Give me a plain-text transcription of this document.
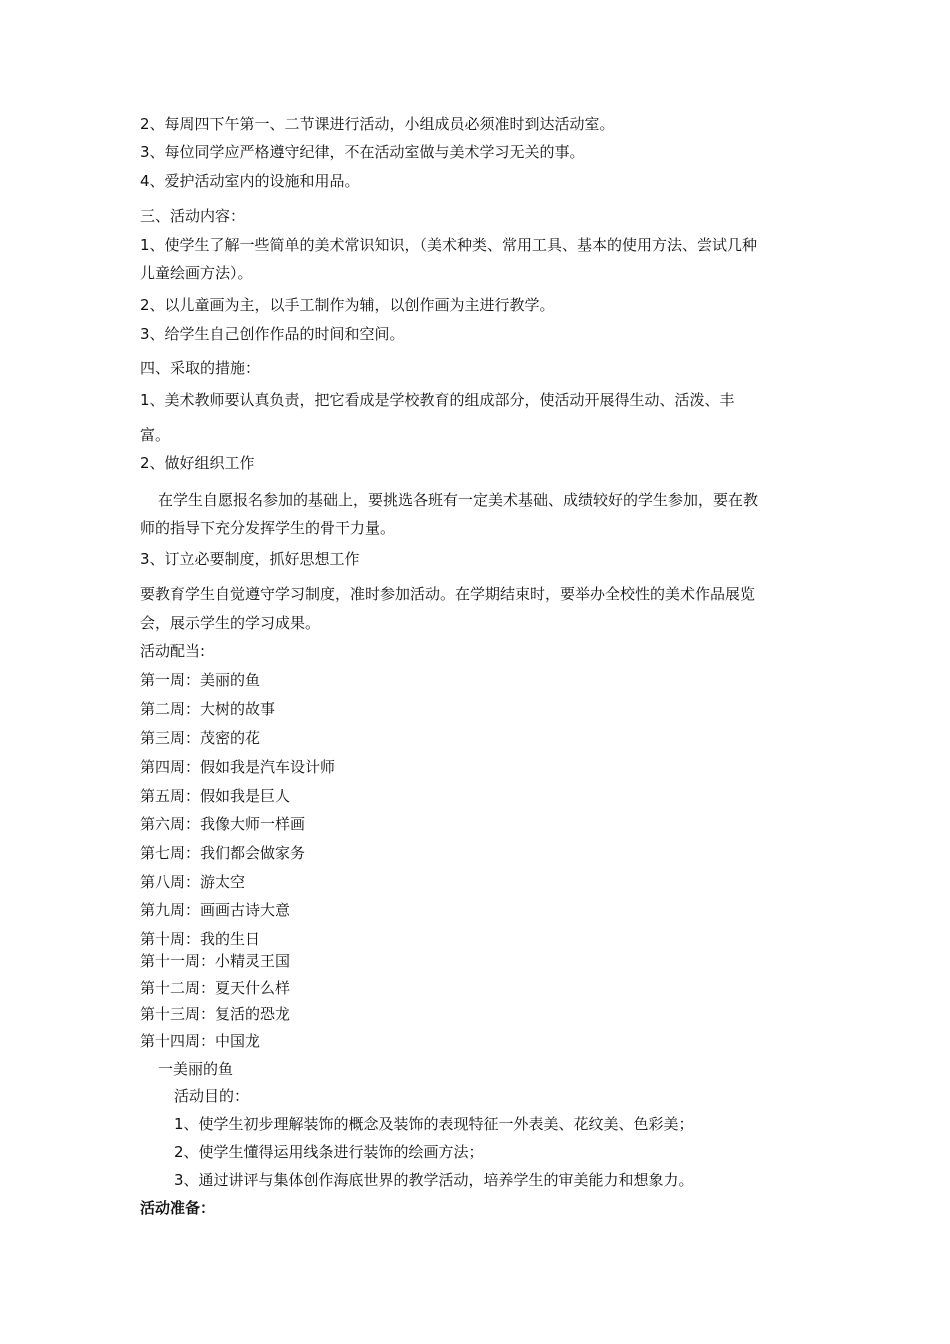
2、每周四下午第一、二节课进行活动，小组成员必须准时到达活动室。
3、每位同学应严格遵守纪律，不在活动室做与美术学习无关的事。
4、爱护活动室内的设施和用品。
三、活动内容：
1、使学生了解一些简单的美术常识知识，（美术种类、常用工具、基本的使用方法、尝试几种
儿童绘画方法）。
2、以儿童画为主，以手工制作为辅，以创作画为主进行教学。
3、给学生自己创作作品的时间和空间。
四、采取的措施：
1、美术教师要认真负责，把它看成是学校教育的组成部分，使活动开展得生动、活泼、丰
富。
2、做好组织工作
在学生自愿报名参加的基础上，要挑选各班有一定美术基础、成绩较好的学生参加，要在教
师的指导下充分发挥学生的骨干力量。
3、订立必要制度，抓好思想工作
要教育学生自觉遵守学习制度，准时参加活动。在学期结束时，要举办全校性的美术作品展览
会，展示学生的学习成果。
活动配当:
第一周：美丽的鱼
第二周：大树的故事
第三周：茂密的花
第四周：假如我是汽车设计师
第五周：假如我是巨人
第六周：我像大师一样画
第七周：我们都会做家务
第八周：游太空
第九周：画画古诗大意
第十周：我的生日
第十一周：小精灵王国
第十二周：夏天什么样
第十三周：复活的恐龙
第十四周：中国龙
一美丽的鱼
活动目的：
1、使学生初步理解装饰的概念及装饰的表现特征一外表美、花纹美、色彩美；
2、使学生懂得运用线条进行装饰的绘画方法；
3、通过讲评与集体创作海底世界的教学活动，培养学生的审美能力和想象力。
活动准备：
